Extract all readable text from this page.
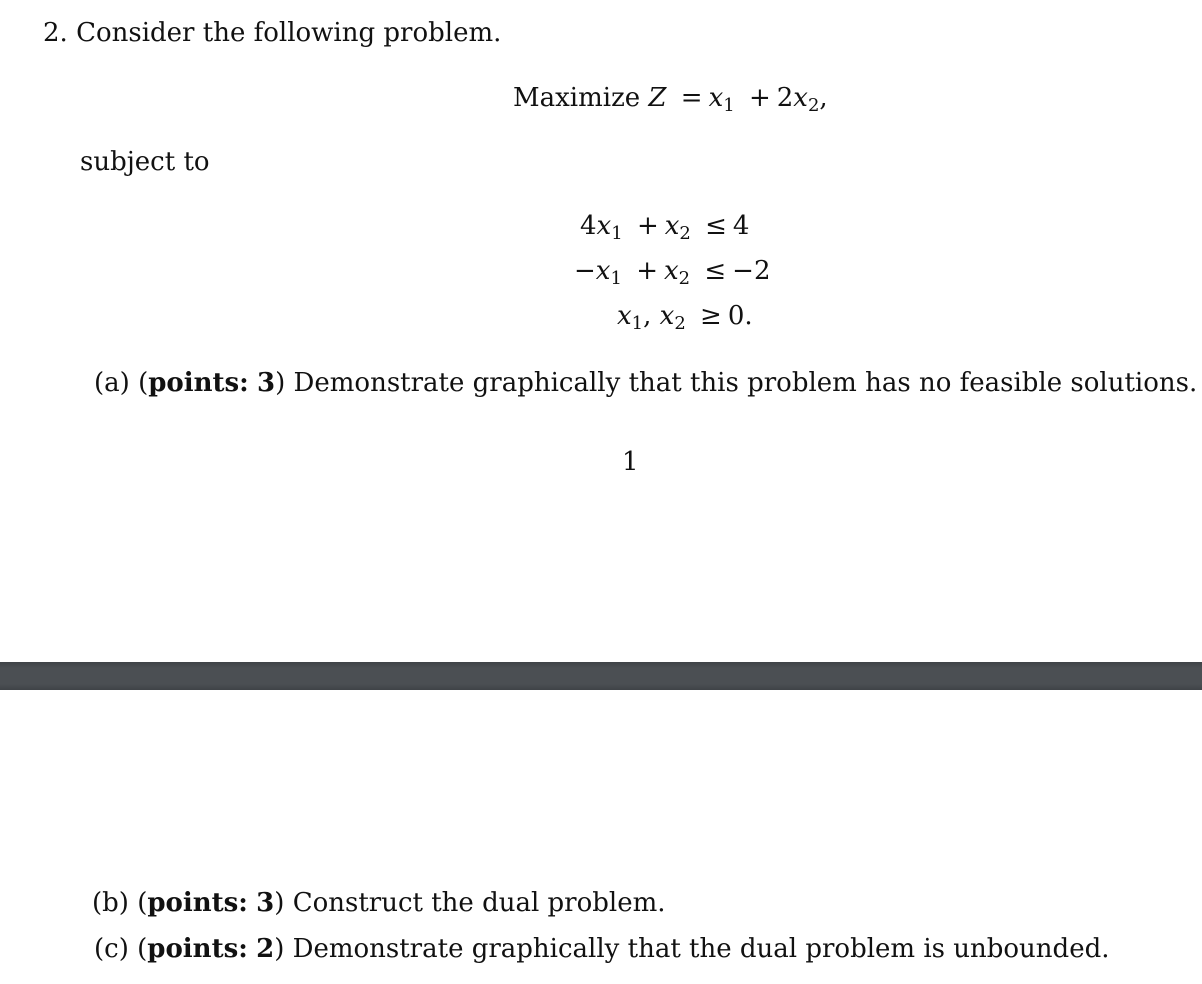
2. Consider the following problem.
Maximize $Z = x_1 + 2x_2$,
subject to
$4x_1 + x_2 \le 4$
$-x_1 + x_2 \le -2$
$x_1$, $x_2 \ge 0$.
(a) (points: 3) Demonstrate graphically that this problem has no feasible solutions.
1
(b) (points: 3) Construct the dual problem.
(c) (points: 2) Demonstrate graphically that the dual problem is unbounded.
